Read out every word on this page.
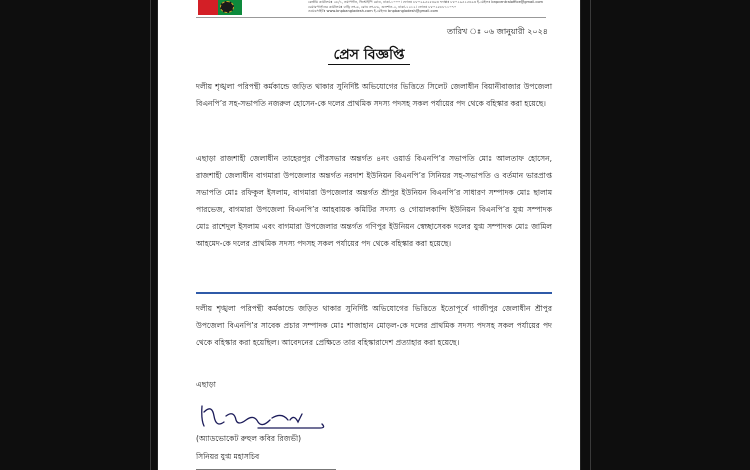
কেন্দ্রীয় কার্যালয়ঃ ২৮/১, নয়াপল্টন, ভিআইপি রোড, ঢাকা-১০০০। ফোনঃ ৮৮০২৯৫২৫৪৯৩ ফ্যাক্সঃ ৮৮০২৯৫২৫৪৯৩ ই-মেইলঃ bnpcentraloffice@gmail.com
চেয়ারপার্সনের কার্যালয়ঃ বাড়ি নং-৬, রোড নং-৮৬, গুলশান-২, ঢাকা-১২১২। ফোনঃ ৮৮০২৫৮৮১১০৭০
ওয়েবসাইটঃ www.bnpbangladesh.com ই-মেইলঃ bnpbangladesh@gmail.com
তারিখ ঃ ০৬ জানুয়ারী ২০২৪
প্রেস বিজ্ঞপ্তি

দলীয় শৃঙ্খলা পরিপন্থী কর্মকান্ডে জড়িত থাকার সুনির্দিষ্ট অভিযোগের ভিত্তিতে সিলেট জেলাধীন বিয়ানীবাজার উপজেলা বিএনপি’র সহ-সভাপতি নজরুল হোসেন-কে দলের প্রাথমিক সদস্য পদসহ সকল পর্যায়ের পদ থেকে বহিস্কার করা হয়েছে।

এছাড়া রাজশাহী জেলাধীন তাহেরপুর পৌরসভার অন্তর্গত ৪নং ওয়ার্ড বিএনপি’র সভাপতি মোঃ আলতাফ হোসেন, রাজশাহী জেলাধীন বাগমারা উপজেলার অন্তর্গত নরদাশ ইউনিয়ন বিএনপি’র সিনিয়র সহ-সভাপতি ও বর্তমান ভারপ্রাপ্ত সভাপতি মোঃ রফিকুল ইসলাম, বাগমারা উপজেলার অন্তর্গত শ্রীপুর ইউনিয়ন বিএনপি’র সাধারণ সম্পাদক মোঃ ছালাম পারভেজ, বাগমারা উপজেলা বিএনপি’র আহবায়ক কমিটির সদস্য ও গোয়ালকান্দি ইউনিয়ন বিএনপি’র যুগ্ম সম্পাদক মোঃ রাশেদুল ইসলাম এবং বাগমারা উপজেলার অন্তর্গত গণিপুর ইউনিয়ন স্বেচ্ছাসেবক দলের যুগ্ম সম্পাদক মোঃ জামিল আহমেদ-কে দলের প্রাথমিক সদস্য পদসহ সকল পর্যায়ের পদ থেকে বহিস্কার করা হয়েছে।

দলীয় শৃঙ্খলা পরিপন্থী কর্মকান্ডে জড়িত থাকার সুনির্দিষ্ট অভিযোগের ভিত্তিতে ইতোপূর্বে গাজীপুর জেলাধীন শ্রীপুর উপজেলা বিএনপি’র সাবেক প্রচার সম্পাদক মোঃ শাজাহান মোড়ল-কে দলের প্রাথমিক সদস্য পদসহ সকল পর্যায়ের পদ থেকে বহিস্কার করা হয়েছিল। আবেদনের প্রেক্ষিতে তার বহিস্কারাদেশ প্রত্যাহার করা হয়েছে।

এছাড়া
(অ্যাডভোকেট রুহুল কবির রিজভী)
সিনিয়র যুগ্ম মহাসচিব
